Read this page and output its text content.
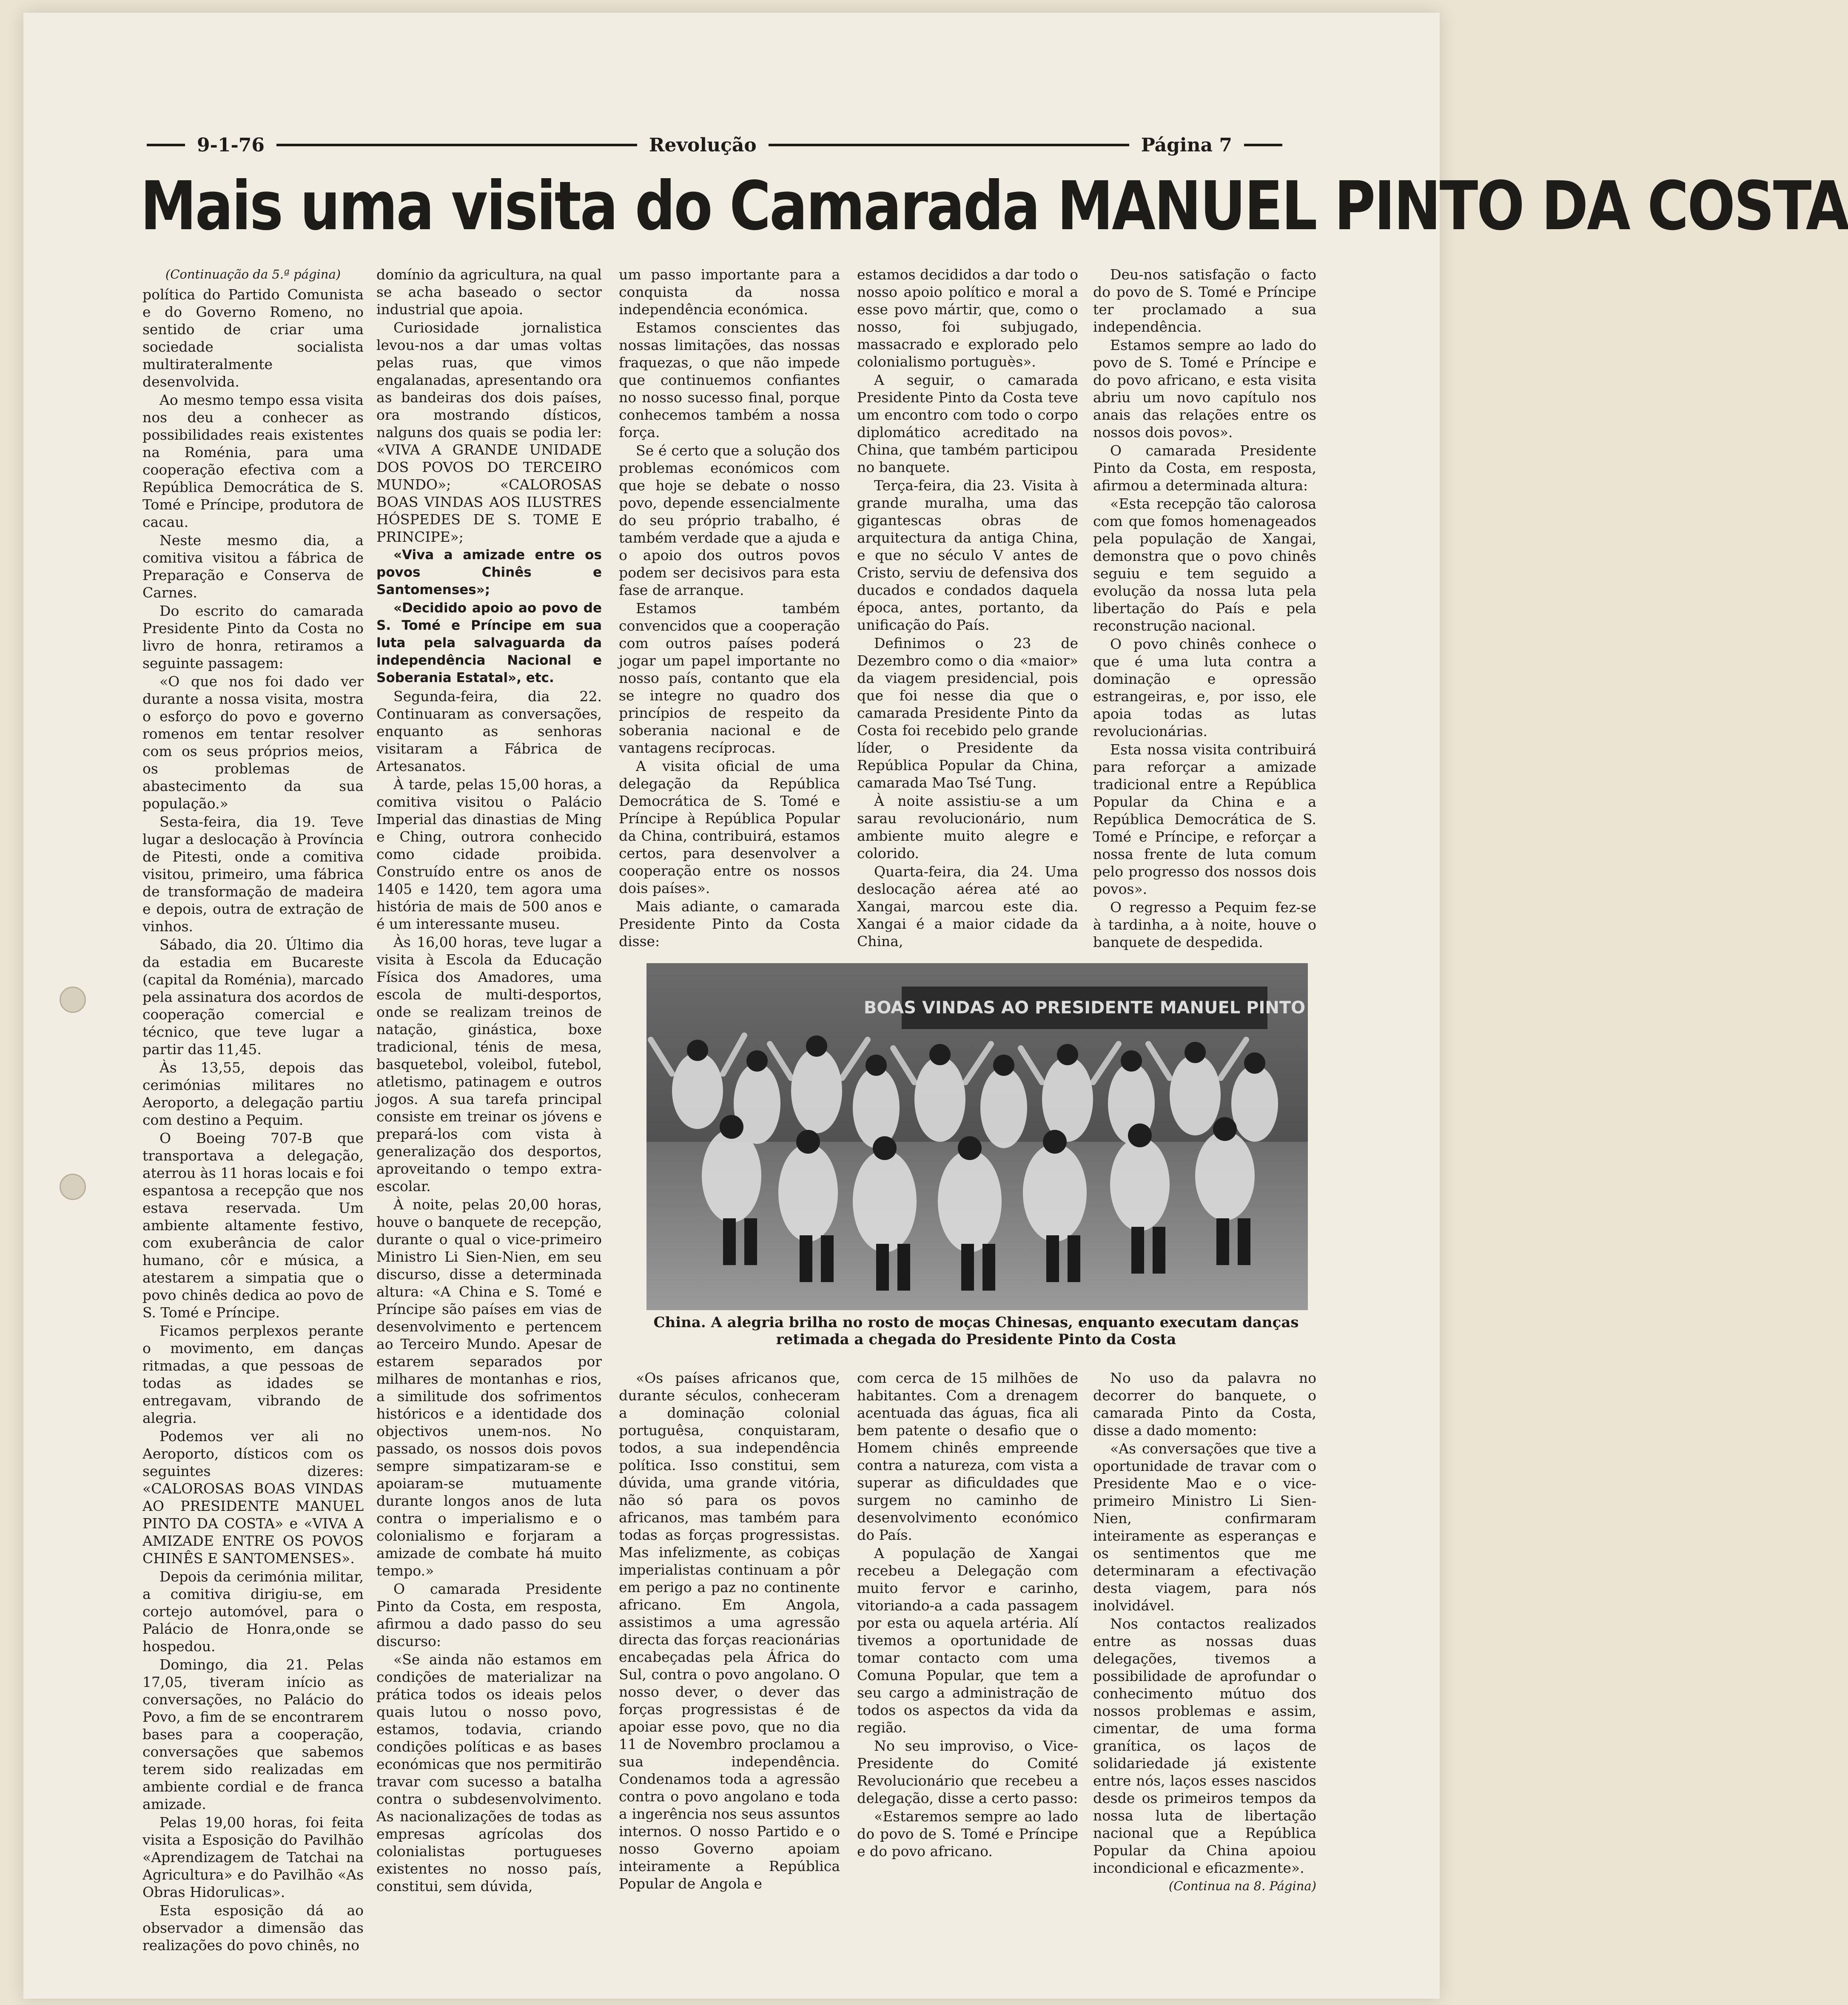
9-1-76	Revolução	Página 7
Mais uma visita do Camarada MANUEL PINTO DA COSTA

(Continuação da 5.ª página)

política do Partido Comunista e do Governo Romeno, no sentido de criar uma sociedade socialista multirateralmente desenvolvida.

Ao mesmo tempo essa visita nos deu a conhecer as possibilidades reais existentes na Roménia, para uma cooperação efectiva com a República Democrática de S. Tomé e Príncipe, produtora de cacau.

Neste mesmo dia, a comitiva visitou a fábrica de Preparação e Conserva de Carnes.

Do escrito do camarada Presidente Pinto da Costa no livro de honra, retiramos a seguinte passagem:

«O que nos foi dado ver durante a nossa visita, mostra o esforço do povo e governo romenos em tentar resolver com os seus próprios meios, os problemas de abastecimento da sua população.»

Sesta-feira, dia 19. Teve lugar a deslocação à Província de Pitesti, onde a comitiva visitou, primeiro, uma fábrica de transformação de madeira e depois, outra de extração de vinhos.

Sábado, dia 20. Último dia da estadia em Bucareste (capital da Roménia), marcado pela assinatura dos acordos de cooperação comercial e técnico, que teve lugar a partir das 11,45.

Às 13,55, depois das cerimónias militares no Aeroporto, a delegação partiu com destino a Pequim.

O Boeing 707-B que transportava a delegação, aterrou às 11 horas locais e foi espantosa a recepção que nos estava reservada. Um ambiente altamente festivo, com exuberância de calor humano, côr e música, a atestarem a simpatia que o povo chinês dedica ao povo de S. Tomé e Príncipe.

Ficamos perplexos perante o movimento, em danças ritmadas, a que pessoas de todas as idades se entregavam, vibrando de alegria.

Podemos ver ali no Aeroporto, dísticos com os seguintes dizeres: «CALOROSAS BOAS VINDAS AO PRESIDENTE MANUEL PINTO DA COSTA» e «VIVA A AMIZADE ENTRE OS POVOS CHINÊS E SANTOMENSES».

Depois da cerimónia militar, a comitiva dirigiu-se, em cortejo automóvel, para o Palácio de Honra,onde se hospedou.

Domingo, dia 21. Pelas 17,05, tiveram início as conversações, no Palácio do Povo, a fim de se encontrarem bases para a cooperação, conversações que sabemos terem sido realizadas em ambiente cordial e de franca amizade.

Pelas 19,00 horas, foi feita visita a Esposição do Pavilhão «Aprendizagem de Tatchai na Agricultura» e do Pavilhão «As Obras Hidorulicas».

Esta esposição dá ao observador a dimensão das realizações do povo chinês, no

domínio da agricultura, na qual se acha baseado o sector industrial que apoia.

Curiosidade jornalistica levou-nos a dar umas voltas pelas ruas, que vimos engalanadas, apresentando ora as bandeiras dos dois países, ora mostrando dísticos, nalguns dos quais se podia ler: «VIVA A GRANDE UNIDADE DOS POVOS DO TERCEIRO MUNDO»; «CALOROSAS BOAS VINDAS AOS ILUSTRES HÓSPEDES DE S. TOME E PRINCIPE»;

«Viva a amizade entre os povos Chinês e Santomenses»;

«Decidido apoio ao povo de S. Tomé e Príncipe em sua luta pela salvaguarda da independência Nacional e Soberania Estatal», etc.

Segunda-feira, dia 22. Continuaram as conversações, enquanto as senhoras visitaram a Fábrica de Artesanatos.

À tarde, pelas 15,00 horas, a comitiva visitou o Palácio Imperial das dinastias de Ming e Ching, outrora conhecido como cidade proibida. Construído entre os anos de 1405 e 1420, tem agora uma história de mais de 500 anos e é um interessante museu.

Às 16,00 horas, teve lugar a visita à Escola da Educação Física dos Amadores, uma escola de multi-desportos, onde se realizam treinos de natação, ginástica, boxe tradicional, ténis de mesa, basquetebol, voleibol, futebol, atletismo, patinagem e outros jogos. A sua tarefa principal consiste em treinar os jóvens e prepará-los com vista à generalização dos desportos, aproveitando o tempo extra-escolar.

À noite, pelas 20,00 horas, houve o banquete de recepção, durante o qual o vice-primeiro Ministro Li Sien-Nien, em seu discurso, disse a determinada altura: «A China e S. Tomé e Príncipe são países em vias de desenvolvimento e pertencem ao Terceiro Mundo. Apesar de estarem separados por milhares de montanhas e rios, a similitude dos sofrimentos históricos e a identidade dos objectivos unem-nos. No passado, os nossos dois povos sempre simpatizaram-se e apoiaram-se mutuamente durante longos anos de luta contra o imperialismo e o colonialismo e forjaram a amizade de combate há muito tempo.»

O camarada Presidente Pinto da Costa, em resposta, afirmou a dado passo do seu discurso:

«Se ainda não estamos em condições de materializar na prática todos os ideais pelos quais lutou o nosso povo, estamos, todavia, criando condições políticas e as bases económicas que nos permitirão travar com sucesso a batalha contra o subdesenvolvimento. As nacionalizações de todas as empresas agrícolas dos colonialistas portugueses existentes no nosso país, constitui, sem dúvida,

um passo importante para a conquista da nossa independência económica.

Estamos conscientes das nossas limitações, das nossas fraquezas, o que não impede que continuemos confiantes no nosso sucesso final, porque conhecemos também a nossa força.

Se é certo que a solução dos problemas económicos com que hoje se debate o nosso povo, depende essencialmente do seu próprio trabalho, é também verdade que a ajuda e o apoio dos outros povos podem ser decisivos para esta fase de arranque.

Estamos também convencidos que a cooperação com outros países poderá jogar um papel importante no nosso país, contanto que ela se integre no quadro dos princípios de respeito da soberania nacional e de vantagens recíprocas.

A visita oficial de uma delegação da República Democrática de S. Tomé e Príncipe à República Popular da China, contribuirá, estamos certos, para desenvolver a cooperação entre os nossos dois países».

Mais adiante, o camarada Presidente Pinto da Costa disse:

estamos decididos a dar todo o nosso apoio político e moral a esse povo mártir, que, como o nosso, foi subjugado, massacrado e explorado pelo colonialismo portuguès».

A seguir, o camarada Presidente Pinto da Costa teve um encontro com todo o corpo diplomático acreditado na China, que também participou no banquete.

Terça-feira, dia 23. Visita à grande muralha, uma das gigantescas obras de arquitectura da antiga China, e que no século V antes de Cristo, serviu de defensiva dos ducados e condados daquela época, antes, portanto, da unificação do País.

Definimos o 23 de Dezembro como o dia «maior» da viagem presidencial, pois que foi nesse dia que o camarada Presidente Pinto da Costa foi recebido pelo grande líder, o Presidente da República Popular da China, camarada Mao Tsé Tung.

À noite assistiu-se a um sarau revolucionário, num ambiente muito alegre e colorido.

Quarta-feira, dia 24. Uma deslocação aérea até ao Xangai, marcou este dia. Xangai é a maior cidade da China,

Deu-nos satisfação o facto do povo de S. Tomé e Príncipe ter proclamado a sua independência.

Estamos sempre ao lado do povo de S. Tomé e Príncipe e do povo africano, e esta visita abriu um novo capítulo nos anais das relações entre os nossos dois povos».

O camarada Presidente Pinto da Costa, em resposta, afirmou a determinada altura:

«Esta recepção tão calorosa com que fomos homenageados pela população de Xangai, demonstra que o povo chinês seguiu e tem seguido a evolução da nossa luta pela libertação do País e pela reconstrução nacional.

O povo chinês conhece o que é uma luta contra a dominação e opressão estrangeiras, e, por isso, ele apoia todas as lutas revolucionárias.

Esta nossa visita contribuirá para reforçar a amizade tradicional entre a República Popular da China e a República Democrática de S. Tomé e Príncipe, e reforçar a nossa frente de luta comum pelo progresso dos nossos dois povos».

O regresso a Pequim fez-se à tardinha, a à noite, houve o banquete de despedida.

BOAS VINDAS AO PRESIDENTE MANUEL PINTO
China. A alegria brilha no rosto de moças Chinesas, enquanto executam danças retimada a chegada do Presidente Pinto da Costa

«Os países africanos que, durante séculos, conheceram a dominação colonial portuguêsa, conquistaram, todos, a sua independência política. Isso constitui, sem dúvida, uma grande vitória, não só para os povos africanos, mas também para todas as forças progressistas. Mas infelizmente, as cobiças imperialistas continuam a pôr em perigo a paz no continente africano. Em Angola, assistimos a uma agressão directa das forças reacionárias encabeçadas pela África do Sul, contra o povo angolano. O nosso dever, o dever das forças progressistas é de apoiar esse povo, que no dia 11 de Novembro proclamou a sua independência. Condenamos toda a agressão contra o povo angolano e toda a ingerência nos seus assuntos internos. O nosso Partido e o nosso Governo apoiam inteiramente a República Popular de Angola e

com cerca de 15 milhões de habitantes. Com a drenagem acentuada das águas, fica ali bem patente o desafio que o Homem chinês empreende contra a natureza, com vista a superar as dificuldades que surgem no caminho de desenvolvimento económico do País.

A população de Xangai recebeu a Delegação com muito fervor e carinho, vitoriando-a a cada passagem por esta ou aquela artéria. Alí tivemos a oportunidade de tomar contacto com uma Comuna Popular, que tem a seu cargo a administração de todos os aspectos da vida da região.

No seu improviso, o Vice-Presidente do Comité Revolucionário que recebeu a delegação, disse a certo passo:

«Estaremos sempre ao lado do povo de S. Tomé e Príncipe e do povo africano.

No uso da palavra no decorrer do banquete, o camarada Pinto da Costa, disse a dado momento:

«As conversações que tive a oportunidade de travar com o Presidente Mao e o vice-primeiro Ministro Li Sien-Nien, confirmaram inteiramente as esperanças e os sentimentos que me determinaram a efectivação desta viagem, para nós inolvidável.

Nos contactos realizados entre as nossas duas delegações, tivemos a possibilidade de aprofundar o conhecimento mútuo dos nossos problemas e assim, cimentar, de uma forma granítica, os laços de solidariedade já existente entre nós, laços esses nascidos desde os primeiros tempos da nossa luta de libertação nacional que a República Popular da China apoiou incondicional e eficazmente».

(Continua na 8. Página)
